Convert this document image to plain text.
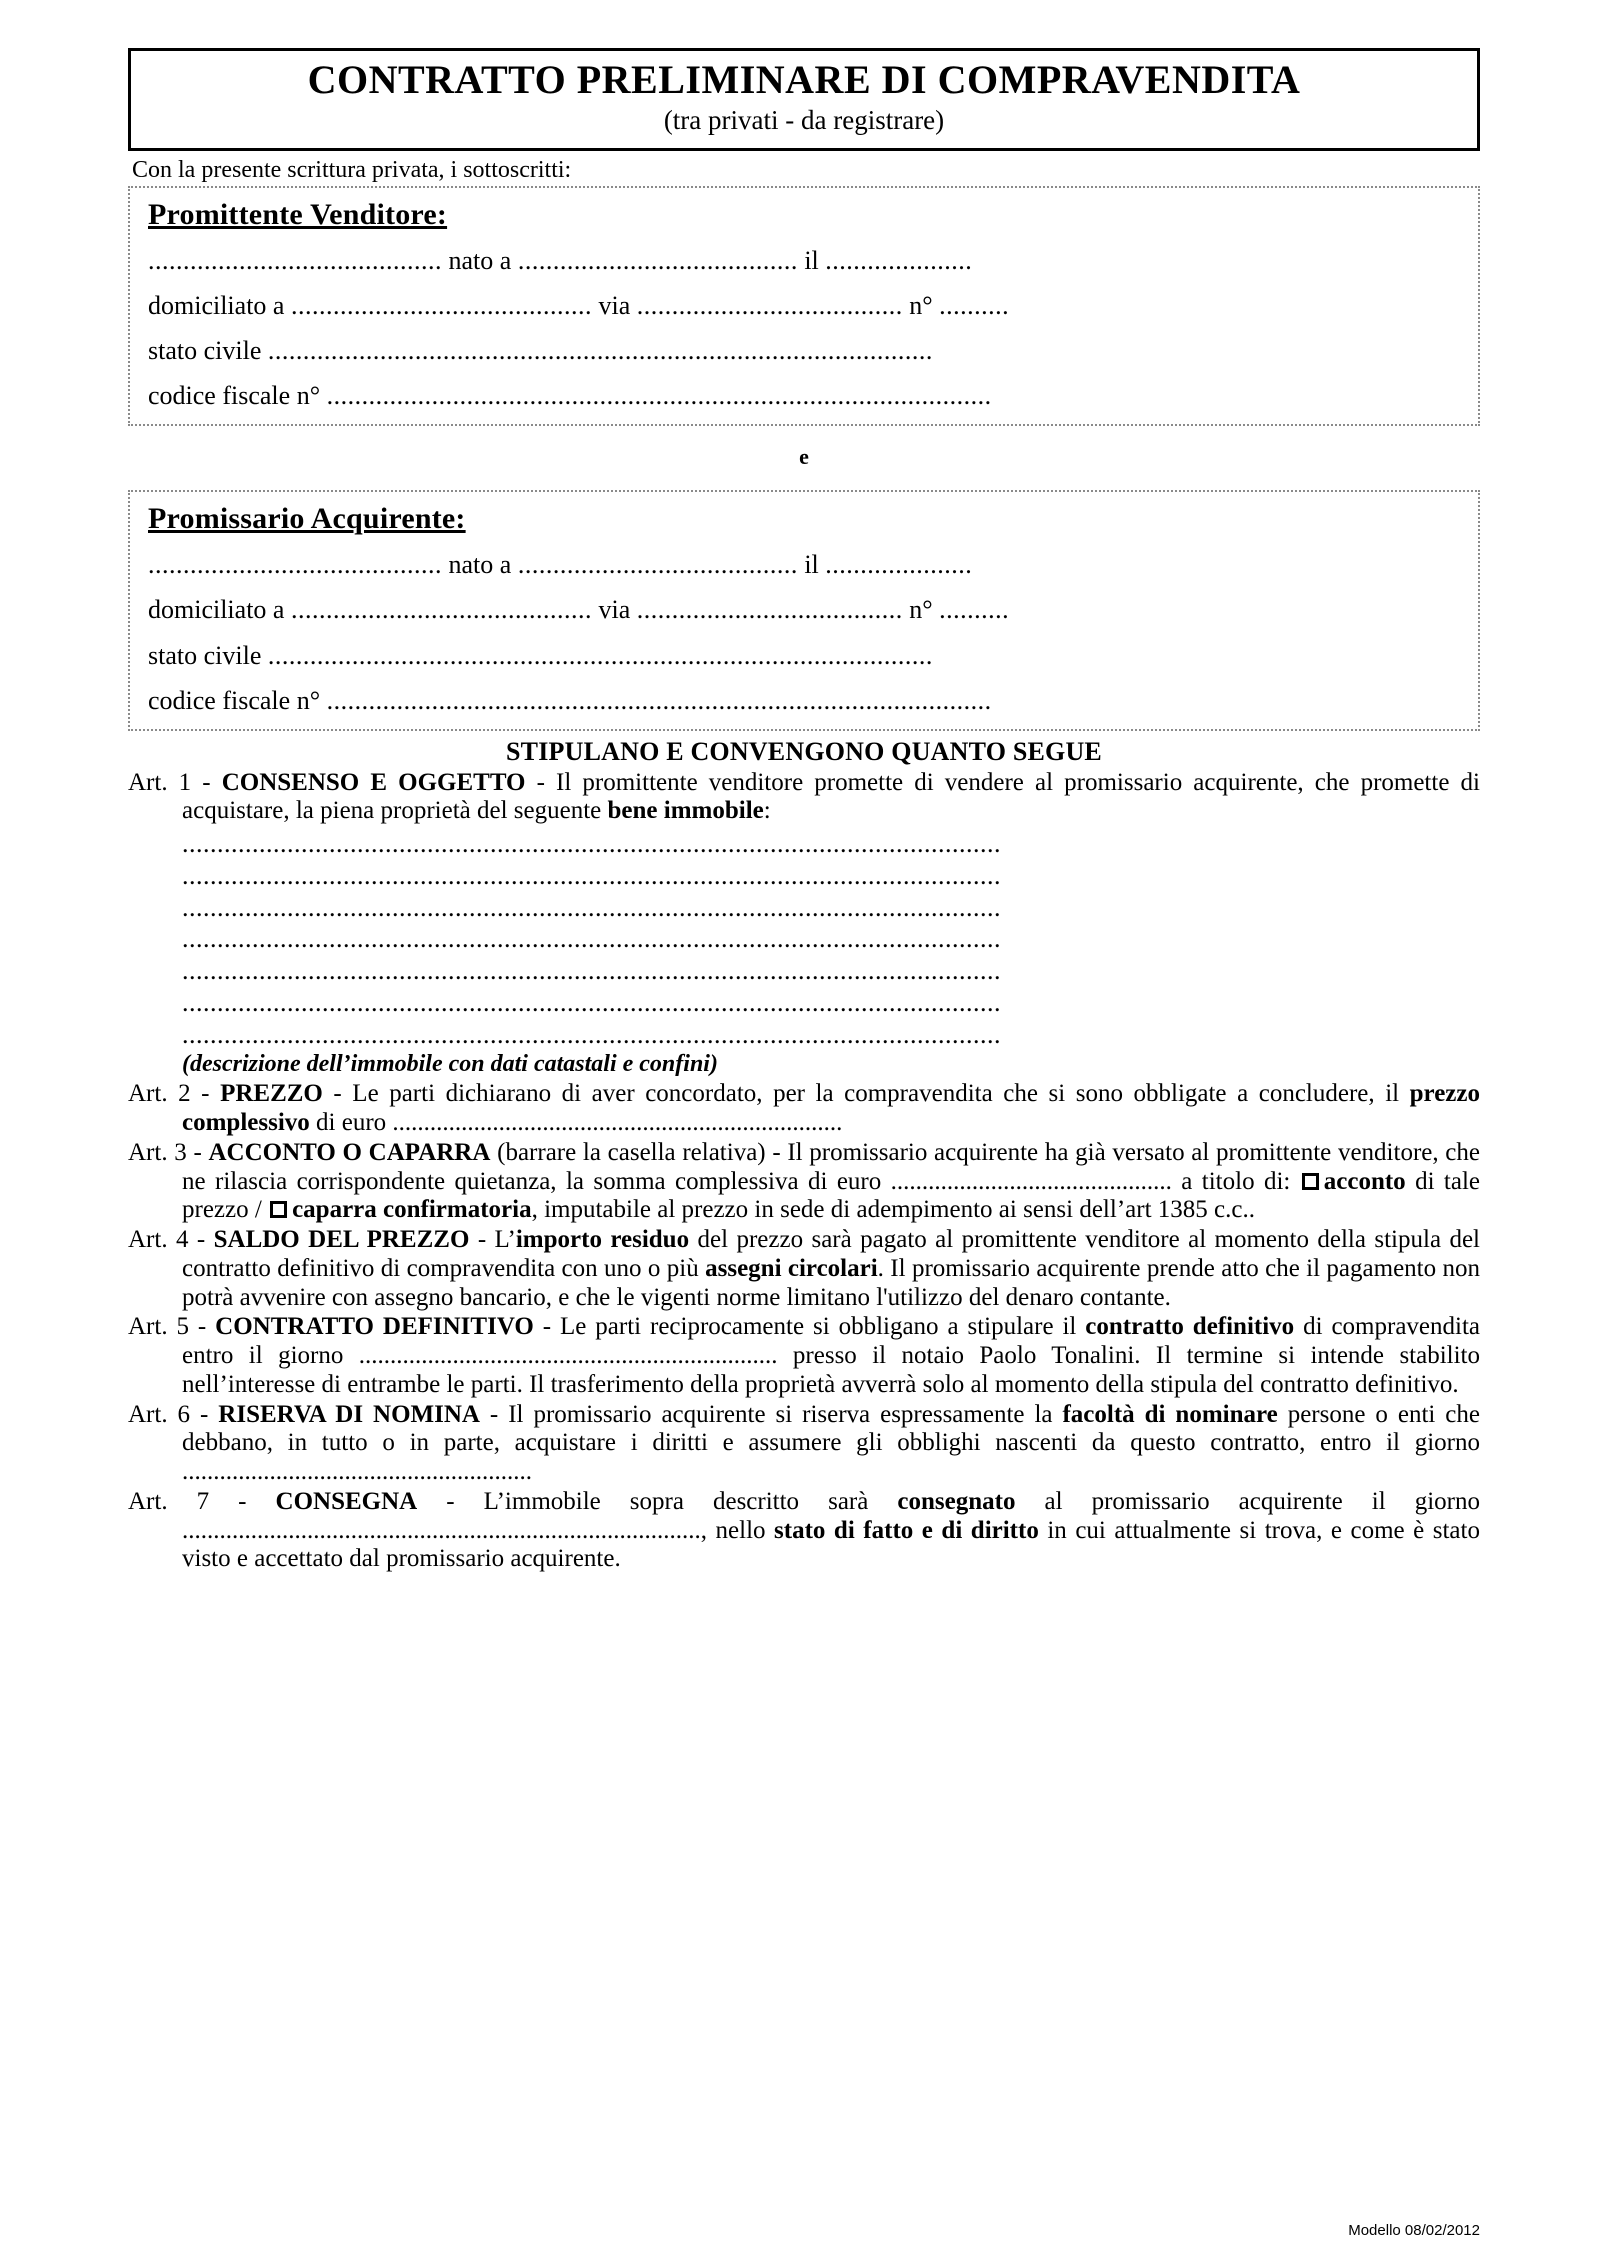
CONTRATTO PRELIMINARE DI COMPRAVENDITA
(tra privati - da registrare)
Con la presente scrittura privata, i sottoscritti:
Promittente Venditore:
.......................................... nato a ........................................ il .....................
domiciliato a ........................................... via ...................................... n° ..........
stato civile ...............................................................................................
codice fiscale n° ...............................................................................................
e
Promissario Acquirente:
.......................................... nato a ........................................ il .....................
domiciliato a ........................................... via ...................................... n° ..........
stato civile ...............................................................................................
codice fiscale n° ...............................................................................................
STIPULANO E CONVENGONO QUANTO SEGUE
Art. 1 - CONSENSO E OGGETTO - Il promittente venditore promette di vendere al promissario acquirente, che promette di acquistare, la piena proprietà del seguente bene immobile:
.....................................................................................................................
.....................................................................................................................
.....................................................................................................................
.....................................................................................................................
.....................................................................................................................
.....................................................................................................................
.....................................................................................................................
(descrizione dell’immobile con dati catastali e confini)
Art. 2 - PREZZO - Le parti dichiarano di aver concordato, per la compravendita che si sono obbligate a concludere, il prezzo complessivo di euro ........................................................................
Art. 3 - ACCONTO O CAPARRA (barrare la casella relativa) - Il promissario acquirente ha già versato al promittente venditore, che ne rilascia corrispondente quietanza, la somma complessiva di euro ............................................. a titolo di: acconto di tale prezzo / caparra confirmatoria, imputabile al prezzo in sede di adempimento ai sensi dell’art 1385 c.c..
Art. 4 - SALDO DEL PREZZO - L’importo residuo del prezzo sarà pagato al promittente venditore al momento della stipula del contratto definitivo di compravendita con uno o più assegni circolari. Il promissario acquirente prende atto che il pagamento non potrà avvenire con assegno bancario, e che le vigenti norme limitano l'utilizzo del denaro contante.
Art. 5 - CONTRATTO DEFINITIVO - Le parti reciprocamente si obbligano a stipulare il contratto definitivo di compravendita entro il giorno ................................................................... presso il notaio Paolo Tonalini. Il termine si intende stabilito nell’interesse di entrambe le parti. Il trasferimento della proprietà avverrà solo al momento della stipula del contratto definitivo.
Art. 6 - RISERVA DI NOMINA - Il promissario acquirente si riserva espressamente la facoltà di nominare persone o enti che debbano, in tutto o in parte, acquistare i diritti e assumere gli obblighi nascenti da questo contratto, entro il giorno ........................................................
Art. 7 - CONSEGNA - L’immobile sopra descritto sarà consegnato al promissario acquirente il giorno ..................................................................................., nello stato di fatto e di diritto in cui attualmente si trova, e come è stato visto e accettato dal promissario acquirente.
Modello 08/02/2012
